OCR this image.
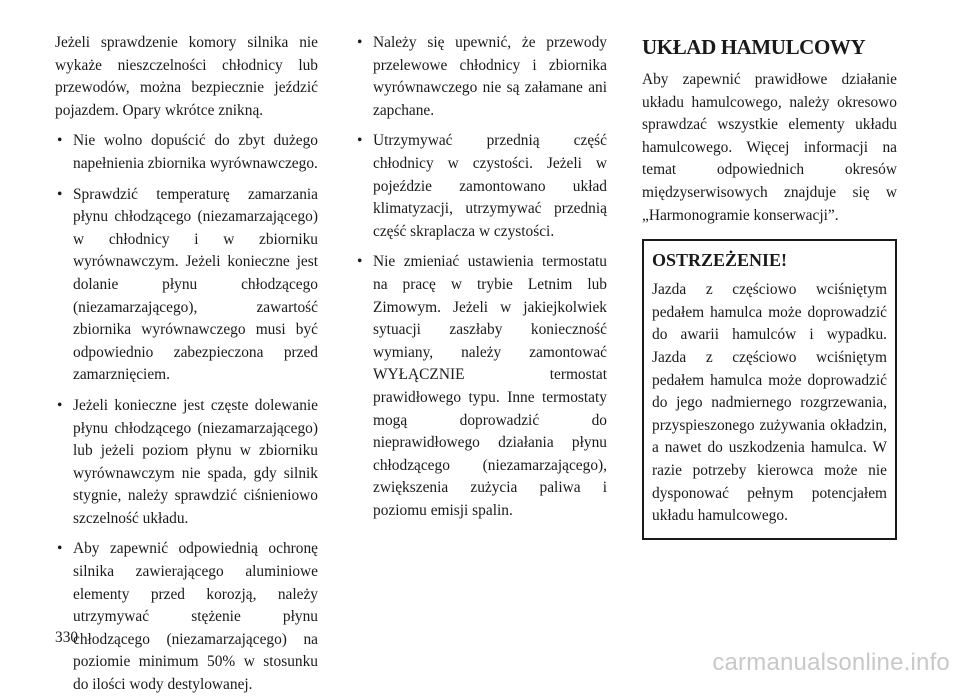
Jeżeli sprawdzenie komory silnika nie wykaże nieszczelności chłodnicy lub przewodów, można bezpiecznie jeździć pojazdem. Opary wkrótce znikną.

• Nie wolno dopuścić do zbyt dużego napełnienia zbiornika wyrównawczego.
• Sprawdzić temperaturę zamarzania płynu chłodzącego (niezamarzającego) w chłodnicy i w zbiorniku wyrównawczym. Jeżeli konieczne jest dolanie płynu chłodzącego (niezamarzającego), zawartość zbiornika wyrównawczego musi być odpowiednio zabezpieczona przed zamarznięciem.
• Jeżeli konieczne jest częste dolewanie płynu chłodzącego (niezamarzającego) lub jeżeli poziom płynu w zbiorniku wyrównawczym nie spada, gdy silnik stygnie, należy sprawdzić ciśnieniowo szczelność układu.
• Aby zapewnić odpowiednią ochronę silnika zawierającego aluminiowe elementy przed korozją, należy utrzymywać stężenie płynu chłodzącego (niezamarzającego) na poziomie minimum 50% w stosunku do ilości wody destylowanej.
• Należy się upewnić, że przewody przelewowe chłodnicy i zbiornika wyrównawczego nie są załamane ani zapchane.
• Utrzymywać przednią część chłodnicy w czystości. Jeżeli w pojeździe zamontowano układ klimatyzacji, utrzymywać przednią część skraplacza w czystości.
• Nie zmieniać ustawienia termostatu na pracę w trybie Letnim lub Zimowym. Jeżeli w jakiejkolwiek sytuacji zaszłaby konieczność wymiany, należy zamontować WYŁĄCZNIE termostat prawidłowego typu. Inne termostaty mogą doprowadzić do nieprawidłowego działania płynu chłodzącego (niezamarzającego), zwiększenia zużycia paliwa i poziomu emisji spalin.
UKŁAD HAMULCOWY

Aby zapewnić prawidłowe działanie układu hamulcowego, należy okresowo sprawdzać wszystkie elementy układu hamulcowego. Więcej informacji na temat odpowiednich okresów międzyserwisowych znajduje się w „Harmonogramie konserwacji”.

OSTRZEŻENIE!

Jazda z częściowo wciśniętym pedałem hamulca może doprowadzić do awarii hamulców i wypadku. Jazda z częściowo wciśniętym pedałem hamulca może doprowadzić do jego nadmiernego rozgrzewania, przyspieszonego zużywania okładzin, a nawet do uszkodzenia hamulca. W razie potrzeby kierowca może nie dysponować pełnym potencjałem układu hamulcowego.

330
carmanualsonline.info
